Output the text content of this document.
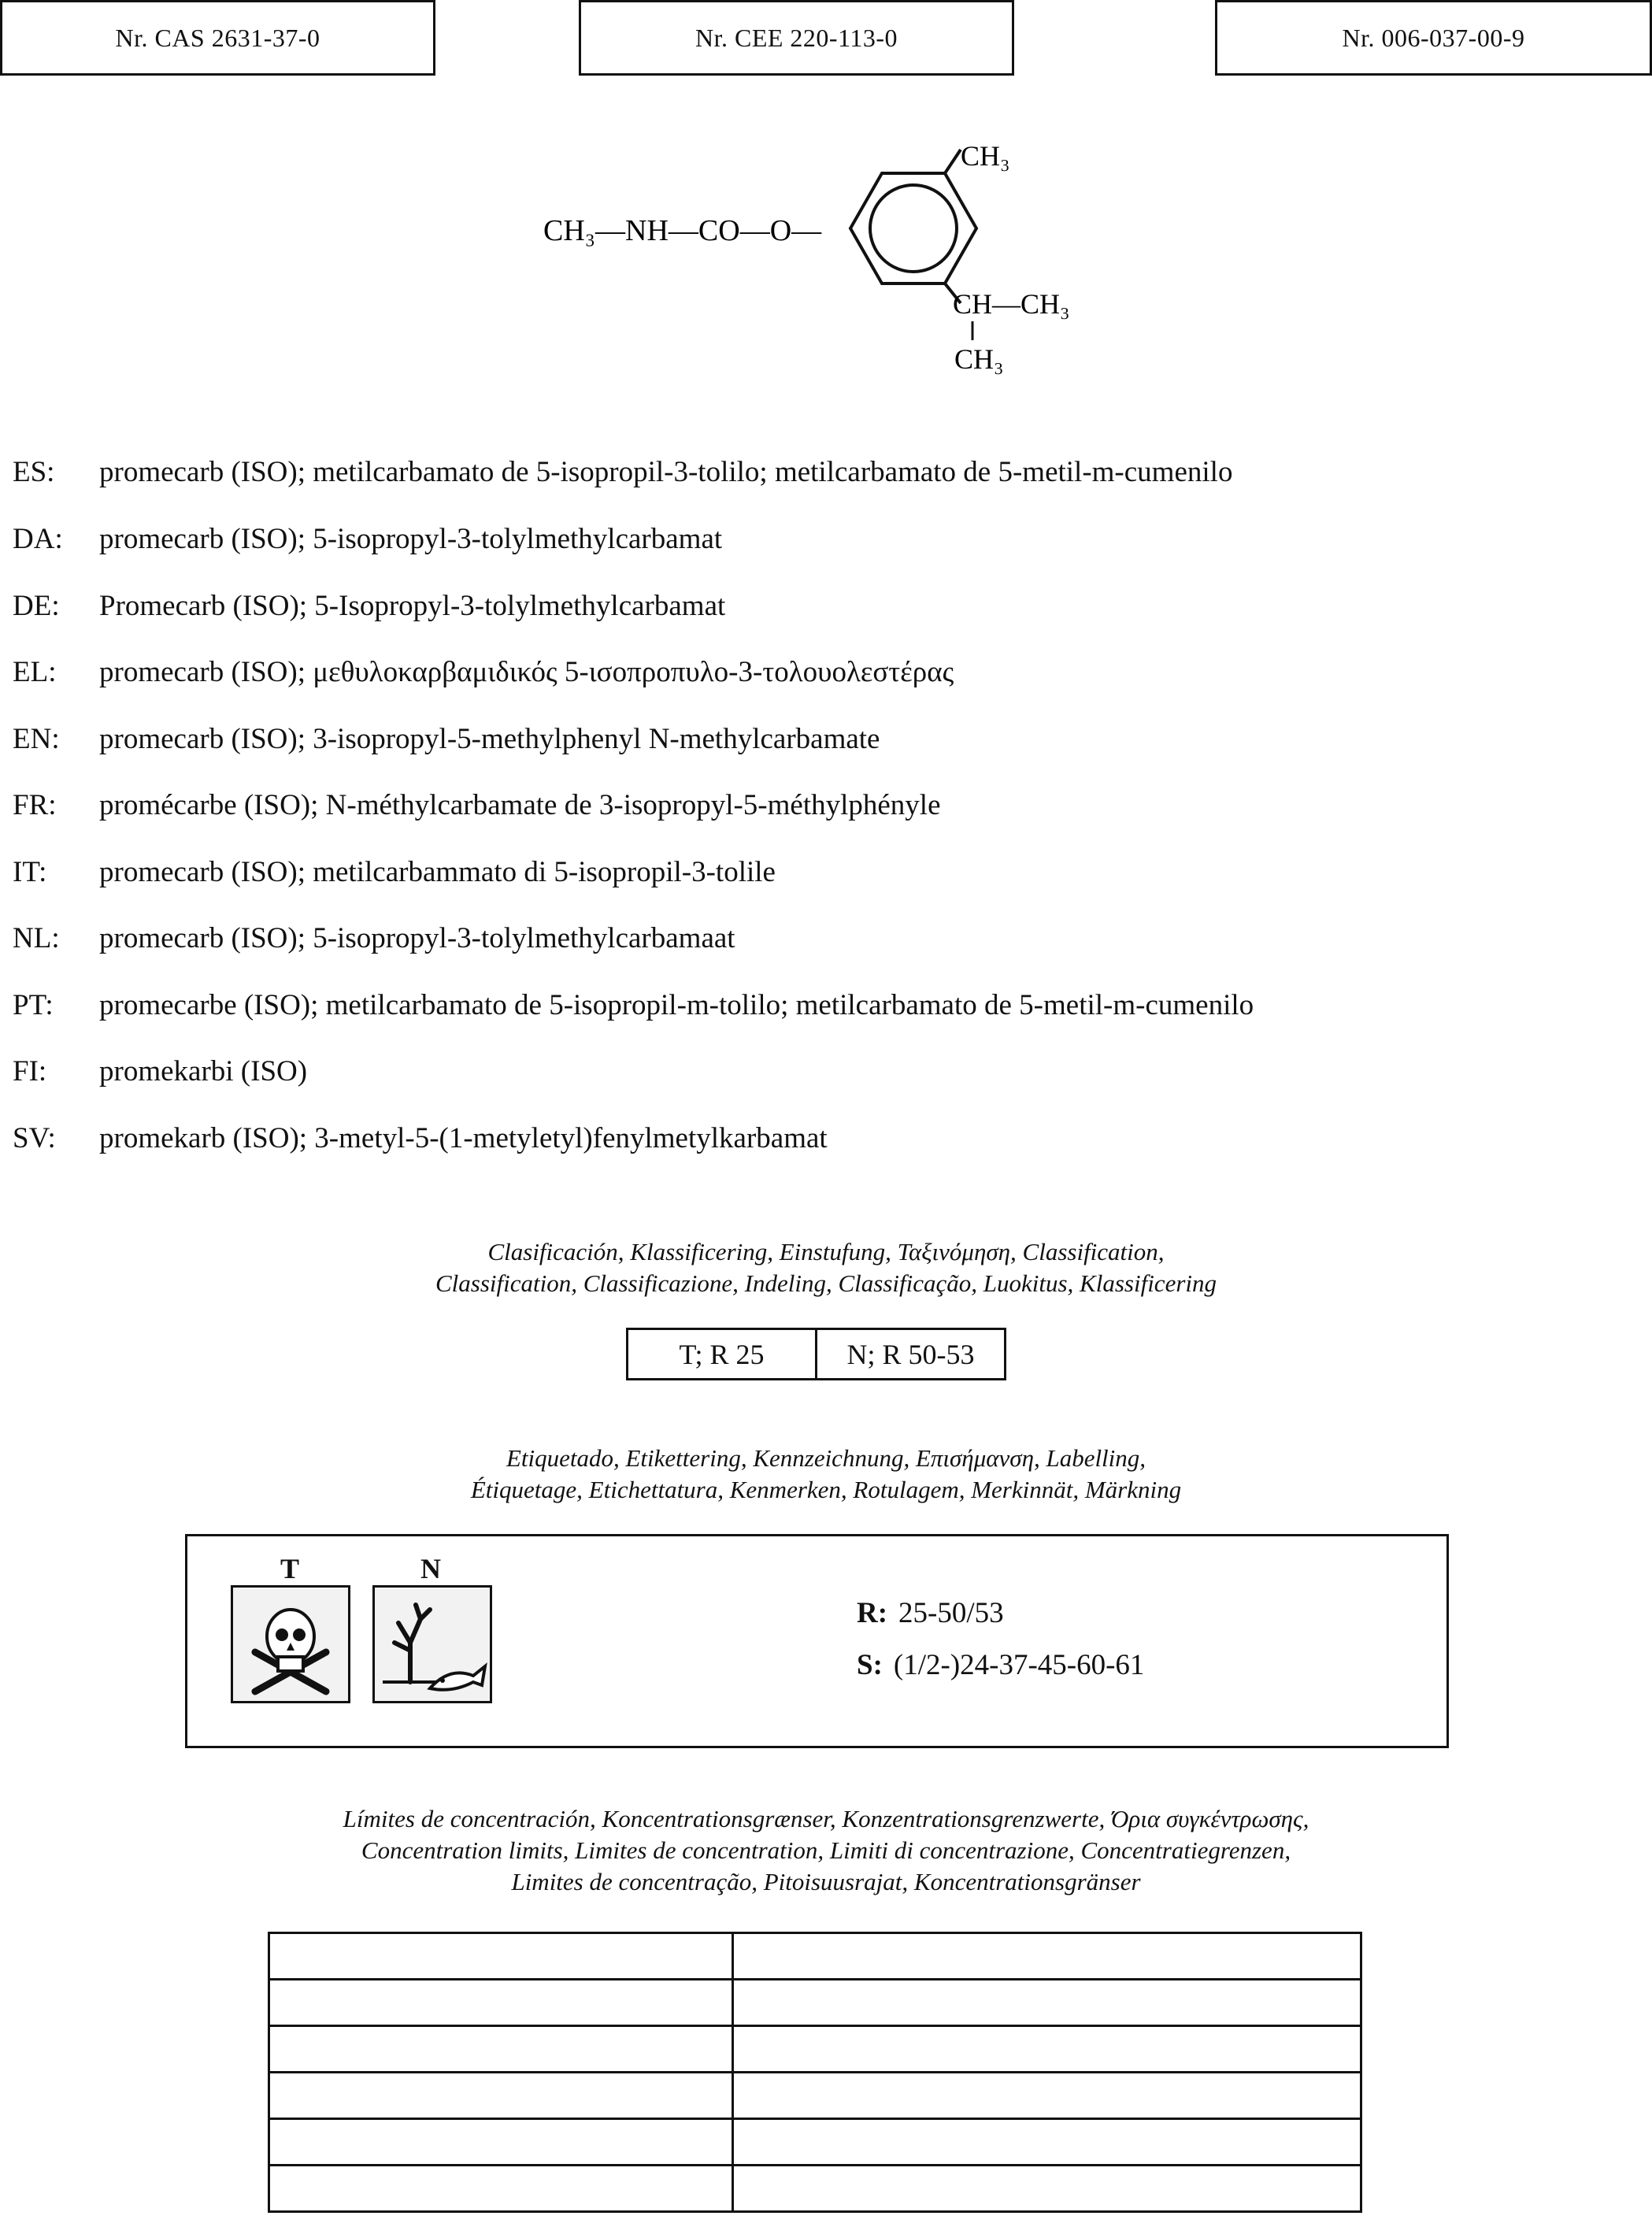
Nr. CAS 2631-37-0	Nr. CEE 220-113-0	Nr. 006-037-00-9
CH₃—NH—CO—O—
CH₃
CH—CH₃
CH₃
ES: promecarb (ISO); metilcarbamato de 5-isopropil-3-tolilo; metilcarbamato de 5-metil-m-cumenilo
DA: promecarb (ISO); 5-isopropyl-3-tolylmethylcarbamat
DE: Promecarb (ISO); 5-Isopropyl-3-tolylmethylcarbamat
EL: promecarb (ISO); μεθυλοκαρβαμιδικός 5-ισοπροπυλο-3-τολουολεστέρας
EN: promecarb (ISO); 3-isopropyl-5-methylphenyl N-methylcarbamate
FR: promécarbe (ISO); N-méthylcarbamate de 3-isopropyl-5-méthylphényle
IT: promecarb (ISO); metilcarbammato di 5-isopropil-3-tolile
NL: promecarb (ISO); 5-isopropyl-3-tolylmethylcarbamaat
PT: promecarbe (ISO); metilcarbamato de 5-isopropil-m-tolilo; metilcarbamato de 5-metil-m-cumenilo
FI: promekarbi (ISO)
SV: promekarb (ISO); 3-metyl-5-(1-metyletyl)fenylmetylkarbamat
Clasificación, Klassificering, Einstufung, Ταξινόμηση, Classification,
Classification, Classificazione, Indeling, Classificação, Luokitus, Klassificering
T; R 25	N; R 50-53
Etiquetado, Etikettering, Kennzeichnung, Επισήμανση, Labelling,
Étiquetage, Etichettatura, Kenmerken, Rotulagem, Merkinnät, Märkning
T	N
R: 25-50/53
S: (1/2-)24-37-45-60-61
Límites de concentración, Koncentrationsgrænser, Konzentrationsgrenzwerte, Όρια συγκέντρωσης,
Concentration limits, Limites de concentration, Limiti di concentrazione, Concentratiegrenzen,
Limites de concentração, Pitoisuusrajat, Koncentrationsgränser
